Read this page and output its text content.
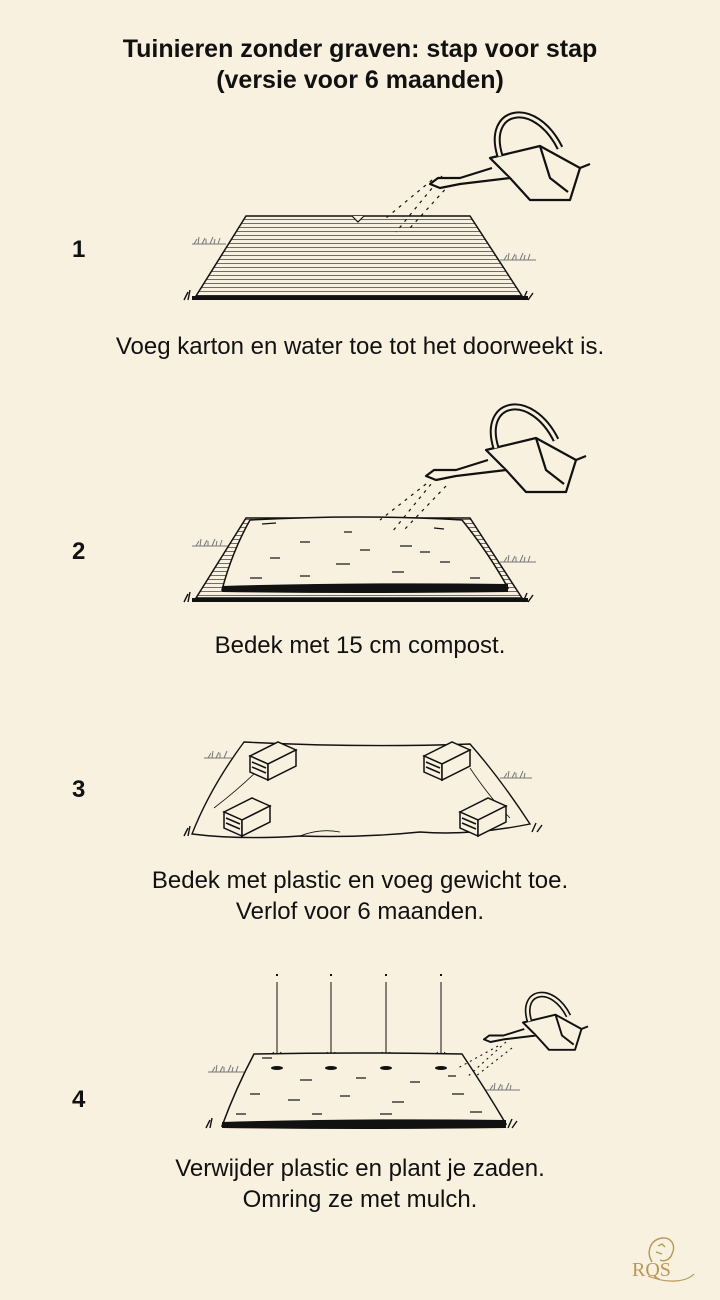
Tuinieren zonder graven: stap voor stap
(versie voor 6 maanden)
1
Voeg karton en water toe tot het doorweekt is.
2
Bedek met 15 cm compost.
3
Bedek met plastic en voeg gewicht toe.
Verlof voor 6 maanden.
4
Verwijder plastic en plant je zaden.
Omring ze met mulch.
RQS
